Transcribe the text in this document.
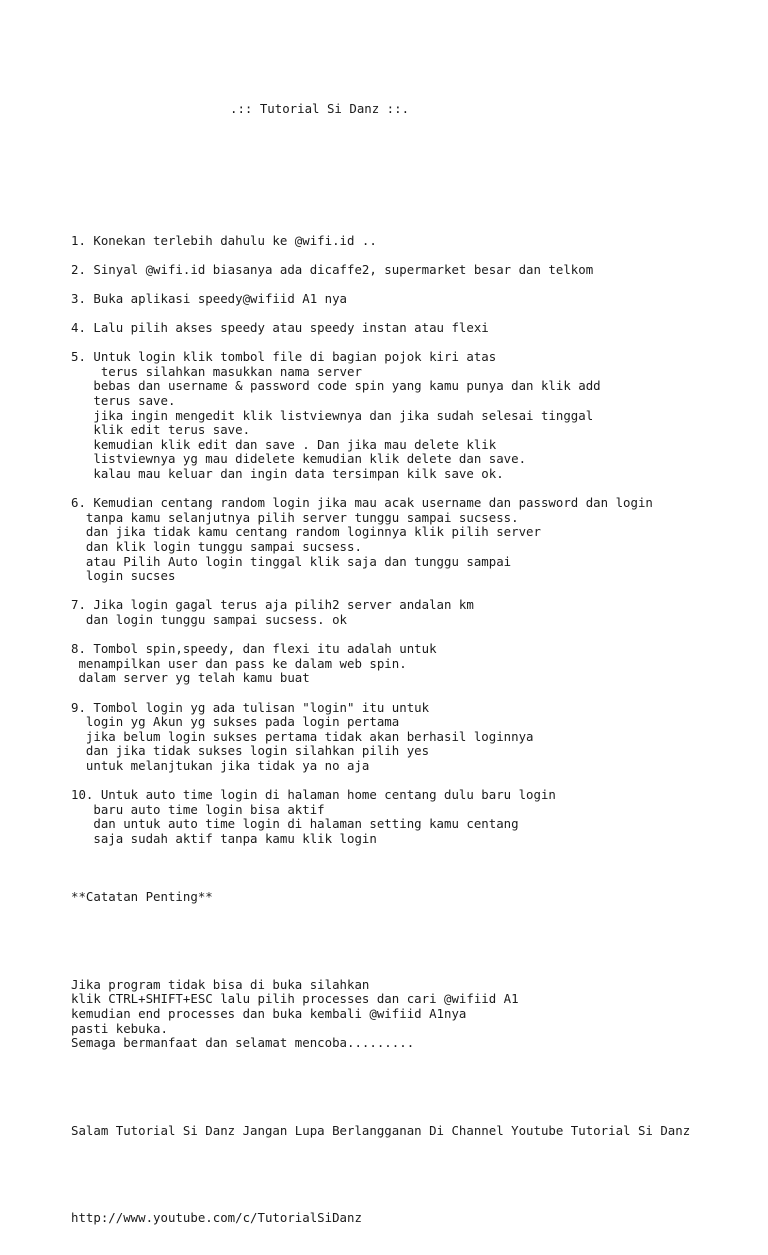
.:: Tutorial Si Danz ::.

1. Konekan terlebih dahulu ke @wifi.id ..
2. Sinyal @wifi.id biasanya ada dicaffe2, supermarket besar dan telkom
3. Buka aplikasi speedy@wifiid A1 nya
4. Lalu pilih akses speedy atau speedy instan atau flexi
5. Untuk login klik tombol file di bagian pojok kiri atas
terus silahkan masukkan nama server
bebas dan username & password code spin yang kamu punya dan klik add
terus save.
jika ingin mengedit klik listviewnya dan jika sudah selesai tinggal
klik edit terus save.
kemudian klik edit dan save . Dan jika mau delete klik
listviewnya yg mau didelete kemudian klik delete dan save.
kalau mau keluar dan ingin data tersimpan kilk save ok.
6. Kemudian centang random login jika mau acak username dan password dan login
tanpa kamu selanjutnya pilih server tunggu sampai sucsess.
dan jika tidak kamu centang random loginnya klik pilih server
dan klik login tunggu sampai sucsess.
atau Pilih Auto login tinggal klik saja dan tunggu sampai
login sucses
7. Jika login gagal terus aja pilih2 server andalan km
dan login tunggu sampai sucsess. ok
8. Tombol spin,speedy, dan flexi itu adalah untuk
menampilkan user dan pass ke dalam web spin.
dalam server yg telah kamu buat
9. Tombol login yg ada tulisan "login" itu untuk
login yg Akun yg sukses pada login pertama
jika belum login sukses pertama tidak akan berhasil loginnya
dan jika tidak sukses login silahkan pilih yes
untuk melanjtukan jika tidak ya no aja
10. Untuk auto time login di halaman home centang dulu baru login
baru auto time login bisa aktif
dan untuk auto time login di halaman setting kamu centang
saja sudah aktif tanpa kamu klik login

**Catatan Penting**

Jika program tidak bisa di buka silahkan
klik CTRL+SHIFT+ESC lalu pilih processes dan cari @wifiid A1
kemudian end processes dan buka kembali @wifiid A1nya
pasti kebuka.
Semaga bermanfaat dan selamat mencoba.........

Salam Tutorial Si Danz Jangan Lupa Berlangganan Di Channel Youtube Tutorial Si Danz

http://www.youtube.com/c/TutorialSiDanz
